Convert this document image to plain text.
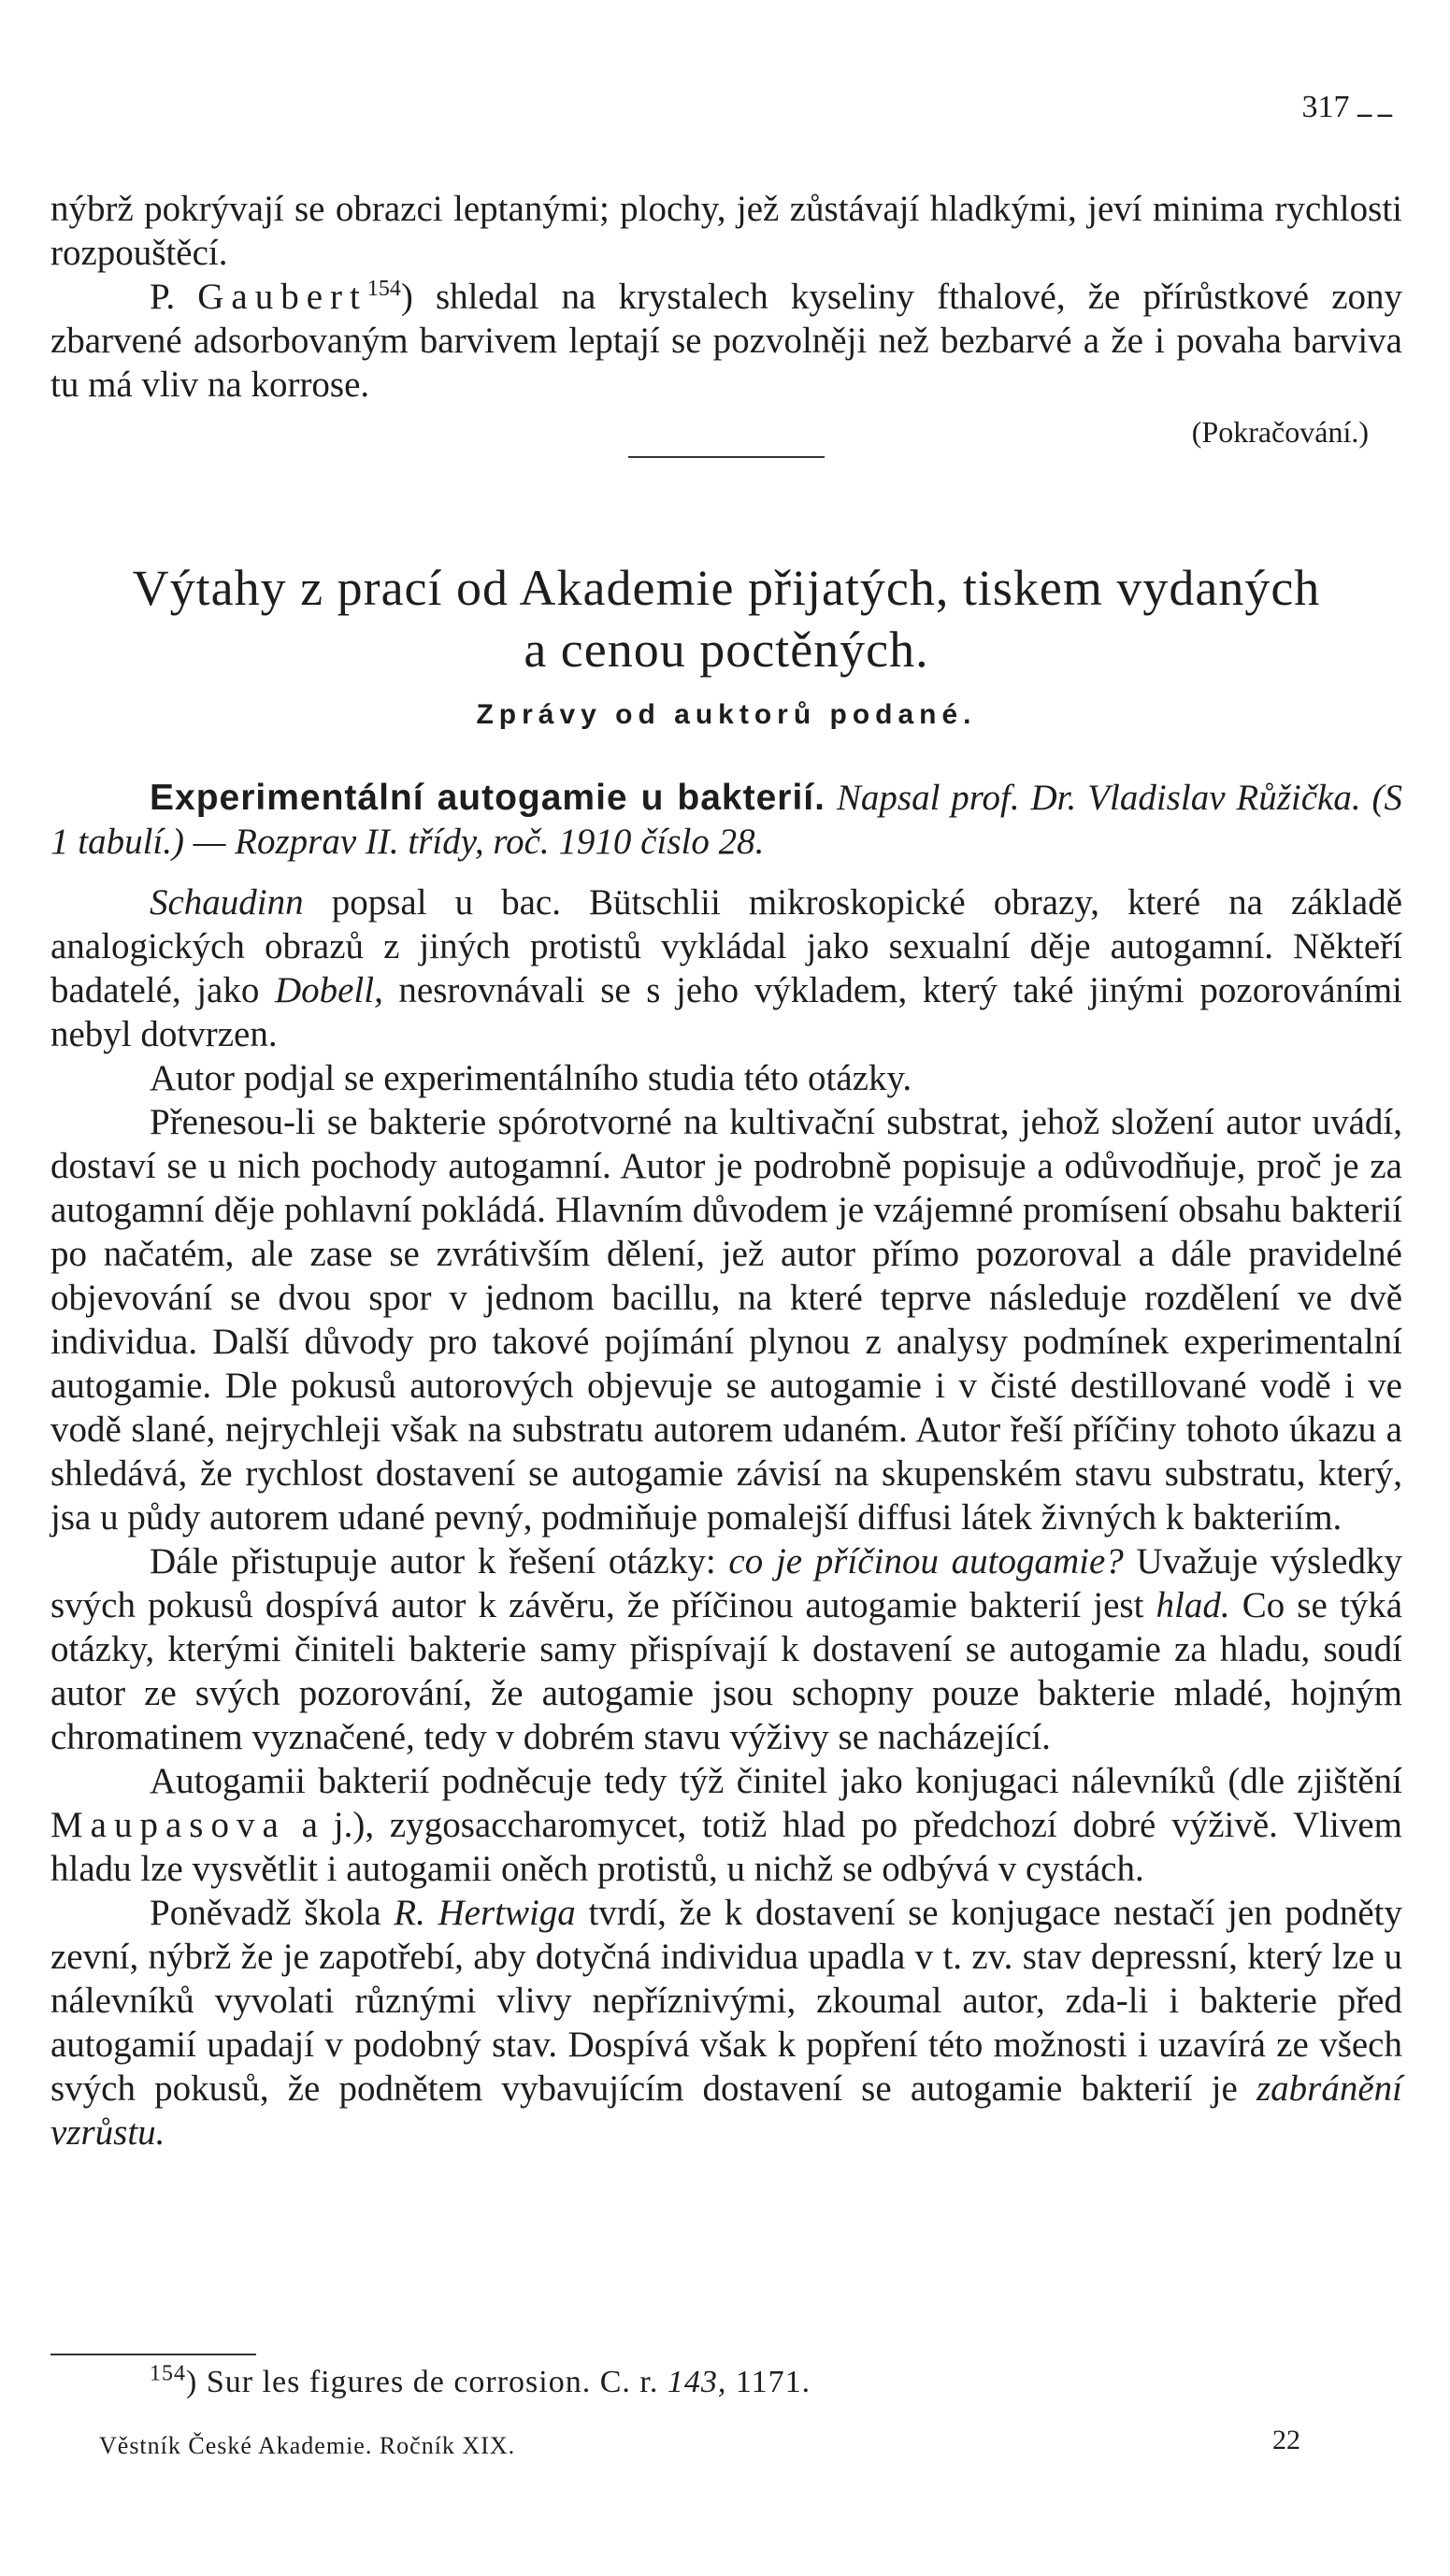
ــ ــ 317

nýbrž pokrývají se obrazci leptanými; plochy, jež zůstávají hladkými, jeví minima rychlosti rozpouštěcí.

P. Gaubert$^{154}$) shledal na krystalech kyseliny fthalové, že přírůstkové zony zbarvené adsorbovaným barvivem leptají se pozvolněji než bezbarvé a že i povaha barviva tu má vliv na korrose.

(Pokračování.)

Výtahy z prací od Akademie přijatých, tiskem vydaných
a cenou poctěných.
Zprávy od auktorů podané.

Experimentální autogamie u bakterií. Napsal prof. Dr. Vladislav Růžička. (S 1 tabulí.) — Rozprav II. třídy, roč. 1910 číslo 28.

Schaudinn popsal u bac. Bütschlii mikroskopické obrazy, které na základě analogických obrazů z jiných protistů vykládal jako sexualní děje autogamní. Někteří badatelé, jako Dobell, nesrovnávali se s jeho výkladem, který také jinými pozorováními nebyl dotvrzen.

Autor podjal se experimentálního studia této otázky.

Přenesou-li se bakterie spórotvorné na kultivační substrat, jehož složení autor uvádí, dostaví se u nich pochody autogamní. Autor je podrobně popisuje a odůvodňuje, proč je za autogamní děje pohlavní pokládá. Hlavním důvodem je vzájemné promísení obsahu bakterií po načatém, ale zase se zvrátivším dělení, jež autor přímo pozoroval a dále pravidelné objevování se dvou spor v jednom bacillu, na které teprve následuje rozdělení ve dvě individua. Další důvody pro takové pojímání plynou z analysy podmínek experimentalní autogamie. Dle pokusů autorových objevuje se autogamie i v čisté destillované vodě i ve vodě slané, nejrychleji však na substratu autorem udaném. Autor řeší příčiny tohoto úkazu a shledává, že rychlost dostavení se autogamie závisí na skupenském stavu substratu, který, jsa u půdy autorem udané pevný, podmiňuje pomalejší diffusi látek živných k bakteriím.

Dále přistupuje autor k řešení otázky: co je příčinou autogamie? Uvažuje výsledky svých pokusů dospívá autor k závěru, že příčinou autogamie bakterií jest hlad. Co se týká otázky, kterými činiteli bakterie samy přispívají k dostavení se autogamie za hladu, soudí autor ze svých pozorování, že autogamie jsou schopny pouze bakterie mladé, hojným chromatinem vyznačené, tedy v dobrém stavu výživy se nacházející.

Autogamii bakterií podněcuje tedy týž činitel jako konjugaci nálevníků (dle zjištění Maupasova a j.), zygosaccharomycet, totiž hlad po předchozí dobré výživě. Vlivem hladu lze vysvětlit i autogamii oněch protistů, u nichž se odbývá v cystách.

Poněvadž škola R. Hertwiga tvrdí, že k dostavení se konjugace nestačí jen podněty zevní, nýbrž že je zapotřebí, aby dotyčná individua upadla v t. zv. stav depressní, který lze u nálevníků vyvolati různými vlivy nepříznivými, zkoumal autor, zda-li i bakterie před autogamií upadají v podobný stav. Dospívá však k popření této možnosti i uzavírá ze všech svých pokusů, že podnětem vybavujícím dostavení se autogamie bakterií je zabránění vzrůstu.

$^{154}$) Sur les figures de corrosion. C. r. 143, 1171.
Věstník České Akademie. Ročník XIX.	22
